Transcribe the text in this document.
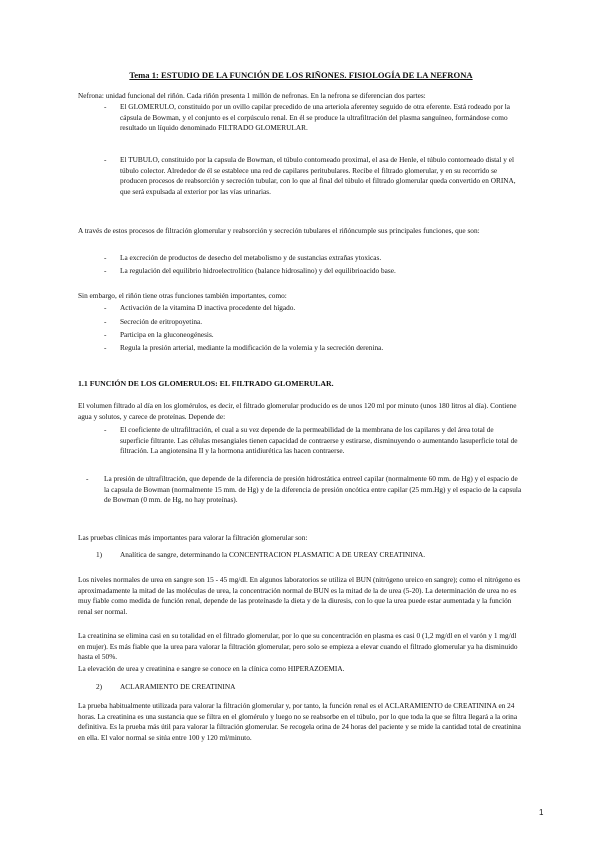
Tema 1: ESTUDIO DE LA FUNCIÓN DE LOS RIÑONES. FISIOLOGÍA DE LA NEFRONA

Nefrona: unidad funcional del riñón. Cada riñón presenta 1 millón de nefronas. En la nefrona se diferencian dos partes:

- El GLOMERULO, constituido por un ovillo capilar precedido de una arteriola aferentey seguido de otra eferente. Está rodeado por la cápsula de Bowman, y el conjunto es el corpúsculo renal. En él se produce la ultrafiltración del plasma sanguíneo, formándose como resultado un líquido denominado FILTRADO GLOMERULAR.

- El TUBULO, constituido por la capsula de Bowman, el túbulo contorneado proximal, el asa de Henle, el túbulo contorneado distal y el túbulo colector. Alrededor de él se establece una red de capilares peritubulares. Recibe el filtrado glomerular, y en su recorrido se producen procesos de reabsorción y secreción tubular, con lo que al final del túbulo el filtrado glomerular queda convertido en ORINA, que será expulsada al exterior por las vías urinarias.

A través de estos procesos de filtración glomerular y reabsorción y secreción tubulares el riñóncumple sus principales funciones, que son:

- La excreción de productos de desecho del metabolismo y de sustancias extrañas ytoxicas.

- La regulación del equilibrio hidroelectrolítico (balance hidrosalino) y del equilibrioacido base.

Sin embargo, el riñón tiene otras funciones también importantes, como:

- Activación de la vitamina D inactiva procedente del hígado.

- Secreción de eritropoyetina.

- Participa en la gluconeogénesis.

- Regula la presión arterial, mediante la modificación de la volemia y la secreción derenina.

1.1 FUNCIÓN DE LOS GLOMERULOS: EL FILTRADO GLOMERULAR.

El volumen filtrado al día en los glomérulos, es decir, el filtrado glomerular producido es de unos 120 ml por minuto (unos 180 litros al día). Contiene agua y solutos, y carece de proteínas. Depende de:

- El coeficiente de ultrafiltración, el cual a su vez depende de la permeabilidad de la membrana de los capilares y del área total de superficie filtrante. Las células mesangiales tienen capacidad de contraerse y estirarse, disminuyendo o aumentando lasuperficie total de filtración. La angiotensina II y la hormona antidiurética las hacen contraerse.

- La presión de ultrafiltración, que depende de la diferencia de presión hidrostática entreel capilar (normalmente 60 mm. de Hg) y el espacio de la capsula de Bowman (normalmente 15 mm. de Hg) y de la diferencia de presión oncótica entre capilar (25 mm.Hg) y el espacio de la capsula de Bowman (0 mm. de Hg, no hay proteínas).

Las pruebas clínicas más importantes para valorar la filtración glomerular son:

1) Analítica de sangre, determinando la CONCENTRACION PLASMATIC A DE UREAY CREATININA.

Los niveles normales de urea en sangre son 15 - 45 mg/dl. En algunos laboratorios se utiliza el BUN (nitrógeno ureico en sangre); como el nitrógeno es aproximadamente la mitad de las moléculas de urea, la concentración normal de BUN es la mitad de la de urea (5-20). La determinación de urea no es muy fiable como medida de función renal, depende de las proteínasde la dieta y de la diuresis, con lo que la urea puede estar aumentada y la función renal ser normal.

La creatinina se elimina casi en su totalidad en el filtrado glomerular, por lo que su concentración en plasma es casi 0 (1,2 mg/dl en el varón y 1 mg/dl en mujer). Es más fiable que la urea para valorar la filtración glomerular, pero solo se empieza a elevar cuando el filtrado glomerular ya ha disminuido hasta el 50%.

La elevación de urea y creatinina e sangre se conoce en la clínica como HIPERAZOEMIA.

2) ACLARAMIENTO DE CREATININA

La prueba habitualmente utilizada para valorar la filtración glomerular y, por tanto, la función renal es el ACLARAMIENTO de CREATININA en 24 horas. La creatinina es una sustancia que se filtra en el glomérulo y luego no se reabsorbe en el túbulo, por lo que toda la que se filtra llegará a la orina definitiva. Es la prueba más útil para valorar la filtración glomerular. Se recogela orina de 24 horas del paciente y se mide la cantidad total de creatinina en ella. El valor normal se sitúa entre 100 y 120 ml/minuto.

1
